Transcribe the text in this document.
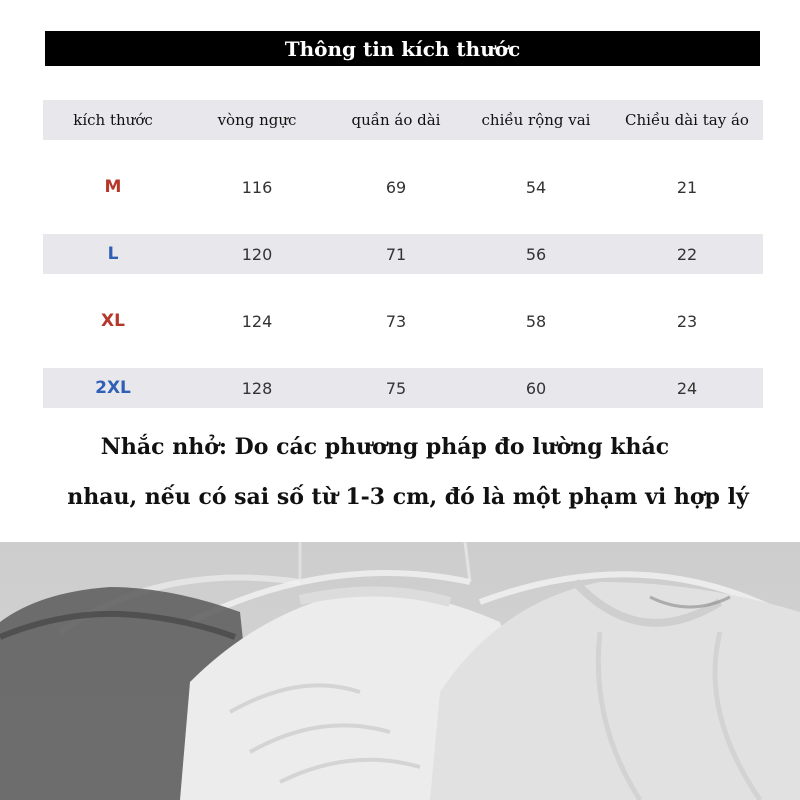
Thông tin kích thước
kích thước	vòng ngực	quần áo dài	chiều rộng vai	Chiều dài tay áo
M	116	69	54	21
L	120	71	56	22
XL	124	73	58	23
2XL	128	75	60	24
Nhắc nhở: Do các phương pháp đo lường khác
nhau, nếu có sai số từ 1-3 cm, đó là một phạm vi hợp lý
